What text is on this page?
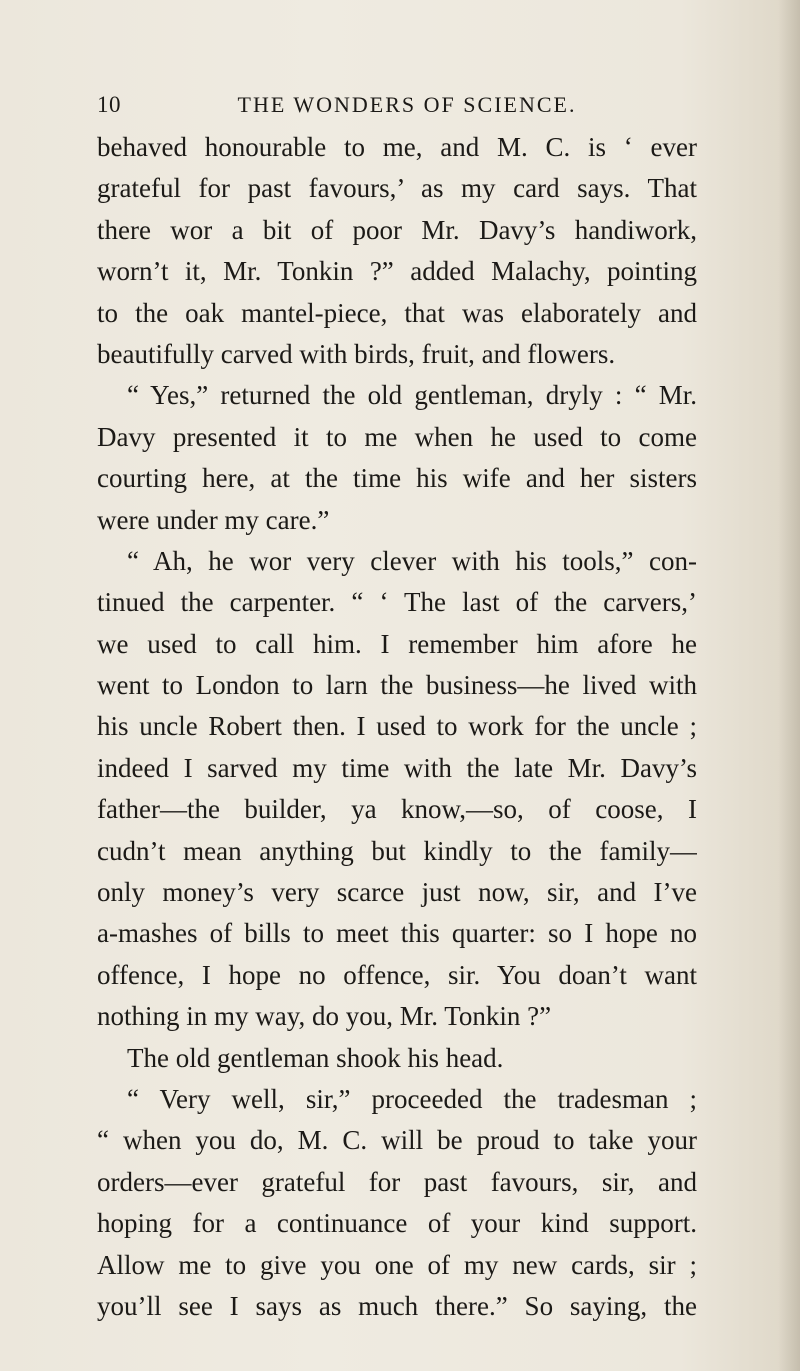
10	THE WONDERS OF SCIENCE.
behaved honourable to me, and M. C. is ‘ ever
grateful for past favours,’ as my card says. That
there wor a bit of poor Mr. Davy’s handiwork,
worn’t it, Mr. Tonkin ?” added Malachy, pointing
to the oak mantel-piece, that was elaborately and
beautifully carved with birds, fruit, and flowers.
“ Yes,” returned the old gentleman, dryly : “ Mr.
Davy presented it to me when he used to come
courting here, at the time his wife and her sisters
were under my care.”
“ Ah, he wor very clever with his tools,” con-
tinued the carpenter. “ ‘ The last of the carvers,’
we used to call him. I remember him afore he
went to London to larn the business—he lived with
his uncle Robert then. I used to work for the uncle ;
indeed I sarved my time with the late Mr. Davy’s
father—the builder, ya know,—so, of coose, I
cudn’t mean anything but kindly to the family—
only money’s very scarce just now, sir, and I’ve
a-mashes of bills to meet this quarter: so I hope no
offence, I hope no offence, sir. You doan’t want
nothing in my way, do you, Mr. Tonkin ?”
The old gentleman shook his head.
“ Very well, sir,” proceeded the tradesman ;
“ when you do, M. C. will be proud to take your
orders—ever grateful for past favours, sir, and
hoping for a continuance of your kind support.
Allow me to give you one of my new cards, sir ;
you’ll see I says as much there.” So saying, the
